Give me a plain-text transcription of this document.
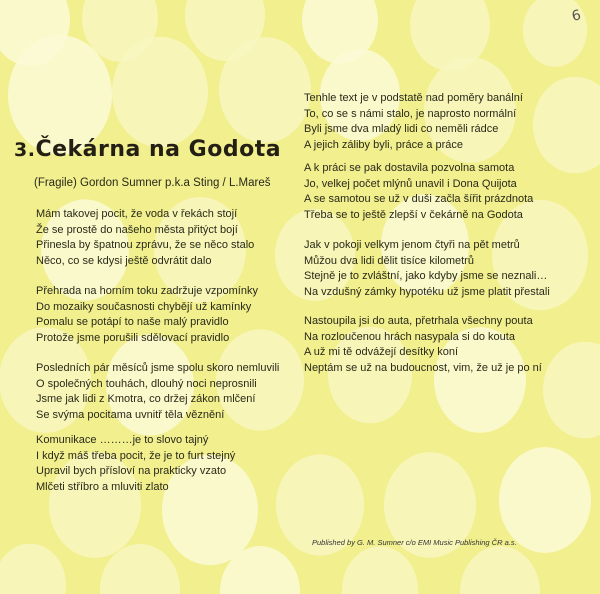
6
3.Čekárna na Godota
(Fragile) Gordon Sumner p.k.a Sting / L.Mareš
Mám takovej pocit, že voda v řekách stojí
Že se prostě do našeho města přitýct bojí
Přinesla by špatnou zprávu, že se něco stalo
Něco, co se kdysi ještě odvrátit dalo
Přehrada na horním toku zadržuje vzpomínky
Do mozaiky současnosti chybějí už kamínky
Pomalu se potápí to naše malý pravidlo
Protože jsme porušili sdělovací pravidlo
Posledních pár měsíců jsme spolu skoro nemluvili
O společných touhách, dlouhý noci neprosnili
Jsme jak lidi z Kmotra, co držej zákon mlčení
Se svýma pocitama uvnitř těla věznění
Komunikace ………je to slovo tajný
I když máš třeba pocit, že je to furt stejný
Upravil bych přísloví na prakticky vzato
Mlčeti stříbro a mluviti zlato
Tenhle text je v podstatě nad poměry banální
To, co se s námi stalo, je naprosto normální
Byli jsme dva mladý lidi co neměli rádce
A jejich záliby byli, práce a práce
A k práci se pak dostavila pozvolna samota
Jo, velkej počet mlýnů unavil i Dona Quijota
A se samotou se už v duši začla šířit prázdnota
Třeba se to ještě zlepší v čekárně na Godota
Jak v pokoji velkym jenom čtyři na pět metrů
Můžou dva lidi dělit tisíce kilometrů
Stejně je to zvláštní, jako kdyby jsme se neznali…
Na vzdušný zámky hypotéku už jsme platit přestali
Nastoupila jsi do auta, přetrhala všechny pouta
Na rozloučenou hrách nasypala si do kouta
A už mi tě odvážejí desítky koní
Neptám se už na budoucnost, vim, že už je po ní
Published by G. M. Sumner c/o EMI Music Publishing ČR a.s.
